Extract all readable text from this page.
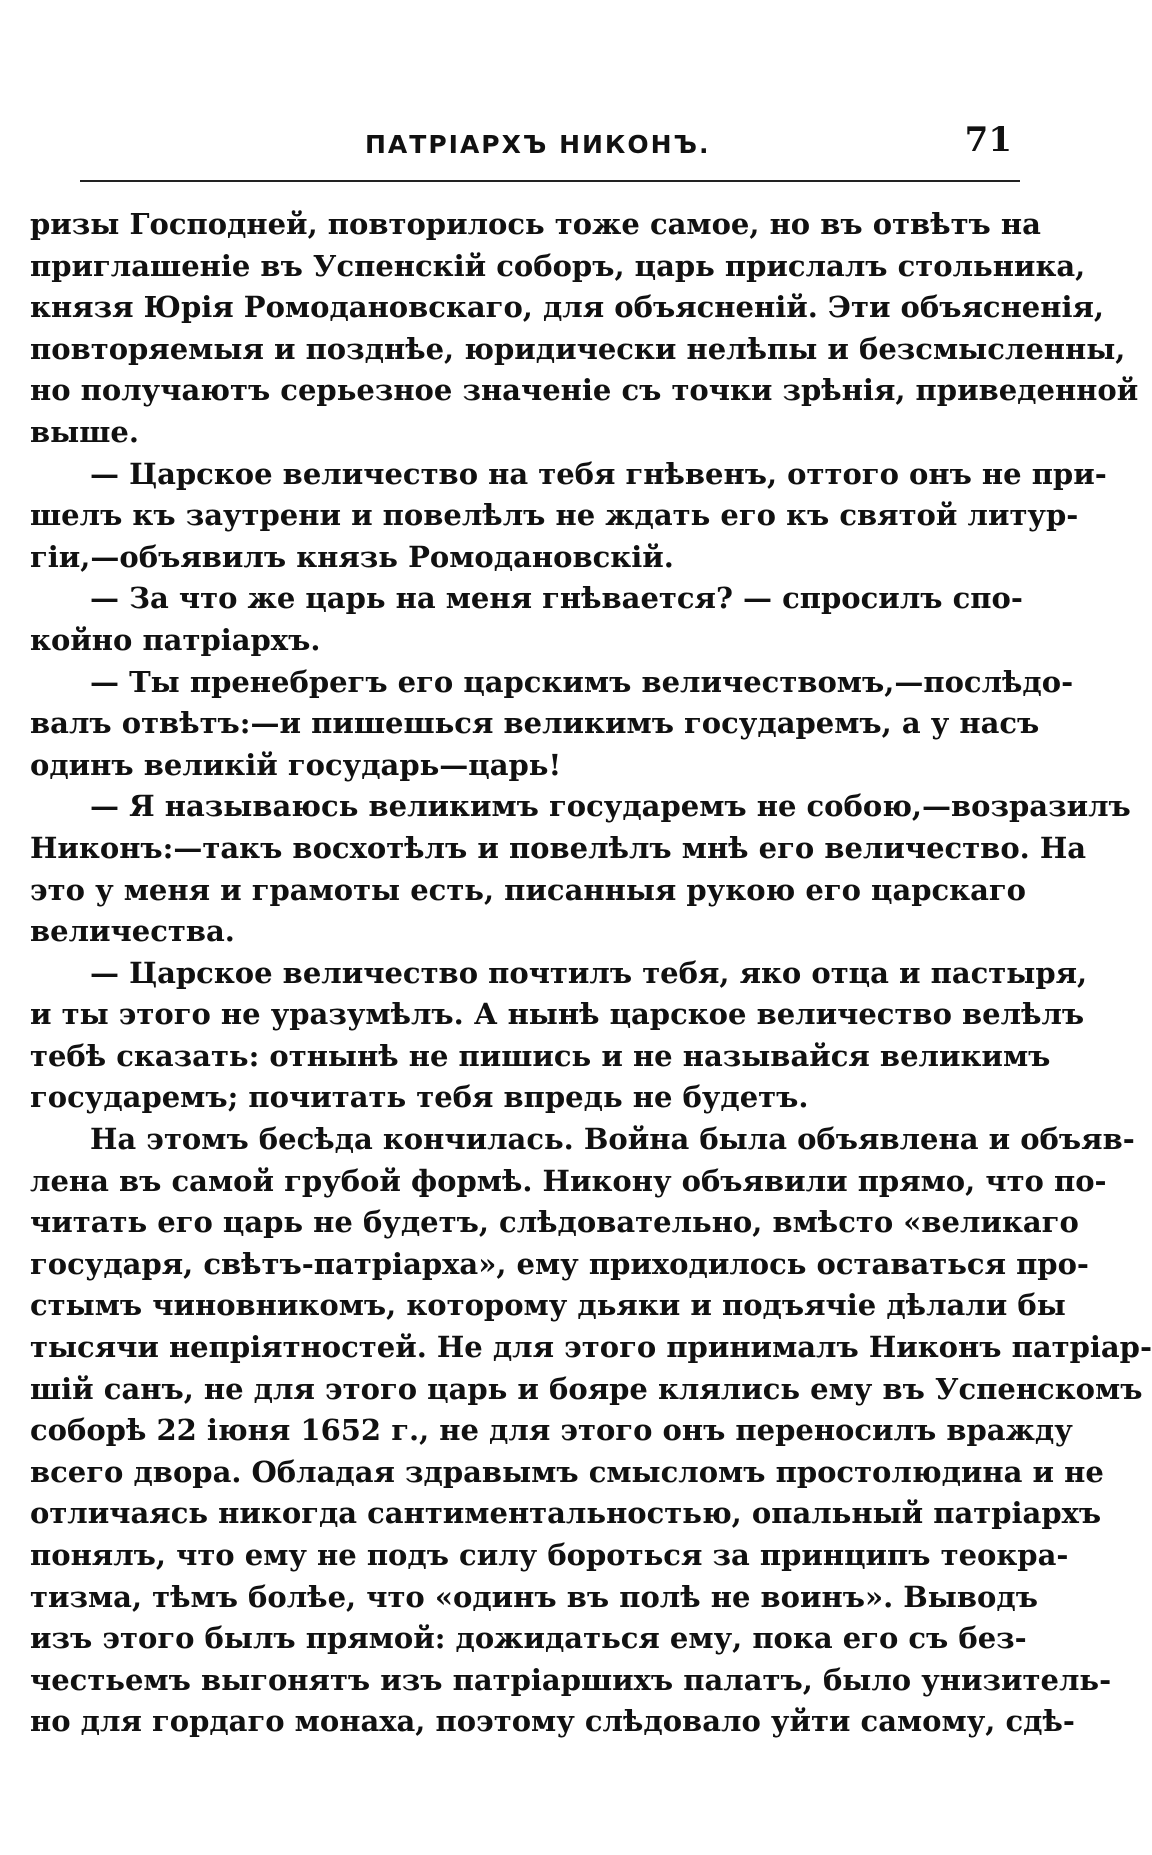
ПАТРІАРХЪ НИКОНЪ.	71
ризы Господней, повторилось тоже самое, но въ отвѣтъ на
приглашеніе въ Успенскій соборъ, царь прислалъ стольника,
князя Юрія Ромодановскаго, для объясненій. Эти объясненія,
повторяемыя и позднѣе, юридически нелѣпы и безсмысленны,
но получаютъ серьезное значеніе съ точки зрѣнія, приведенной
выше.
— Царское величество на тебя гнѣвенъ, оттого онъ не при-
шелъ къ заутрени и повелѣлъ не ждать его къ святой литур-
гіи,—объявилъ князь Ромодановскій.
— За что же царь на меня гнѣвается? — спросилъ спо-
койно патріархъ.
— Ты пренебрегъ его царскимъ величествомъ,—послѣдо-
валъ отвѣтъ:—и пишешься великимъ государемъ, а у насъ
одинъ великій государь—царь!
— Я называюсь великимъ государемъ не собою,—возразилъ
Никонъ:—такъ восхотѣлъ и повелѣлъ мнѣ его величество. На
это у меня и грамоты есть, писанныя рукою его царскаго
величества.
— Царское величество почтилъ тебя, яко отца и пастыря,
и ты этого не уразумѣлъ. А нынѣ царское величество велѣлъ
тебѣ сказать: отнынѣ не пишись и не называйся великимъ
государемъ; почитать тебя впредь не будетъ.
На этомъ бесѣда кончилась. Война была объявлена и объяв-
лена въ самой грубой формѣ. Никону объявили прямо, что по-
читать его царь не будетъ, слѣдовательно, вмѣсто «великаго
государя, свѣтъ-патріарха», ему приходилось оставаться про-
стымъ чиновникомъ, которому дьяки и подъячіе дѣлали бы
тысячи непріятностей. Не для этого принималъ Никонъ патріар-
шій санъ, не для этого царь и бояре клялись ему въ Успенскомъ
соборѣ 22 іюня 1652 г., не для этого онъ переносилъ вражду
всего двора. Обладая здравымъ смысломъ простолюдина и не
отличаясь никогда сантиментальностью, опальный патріархъ
понялъ, что ему не подъ силу бороться за принципъ теокра-
тизма, тѣмъ болѣе, что «одинъ въ полѣ не воинъ». Выводъ
изъ этого былъ прямой: дожидаться ему, пока его съ без-
честьемъ выгонятъ изъ патріаршихъ палатъ, было унизитель-
но для гордаго монаха, поэтому слѣдовало уйти самому, сдѣ-
